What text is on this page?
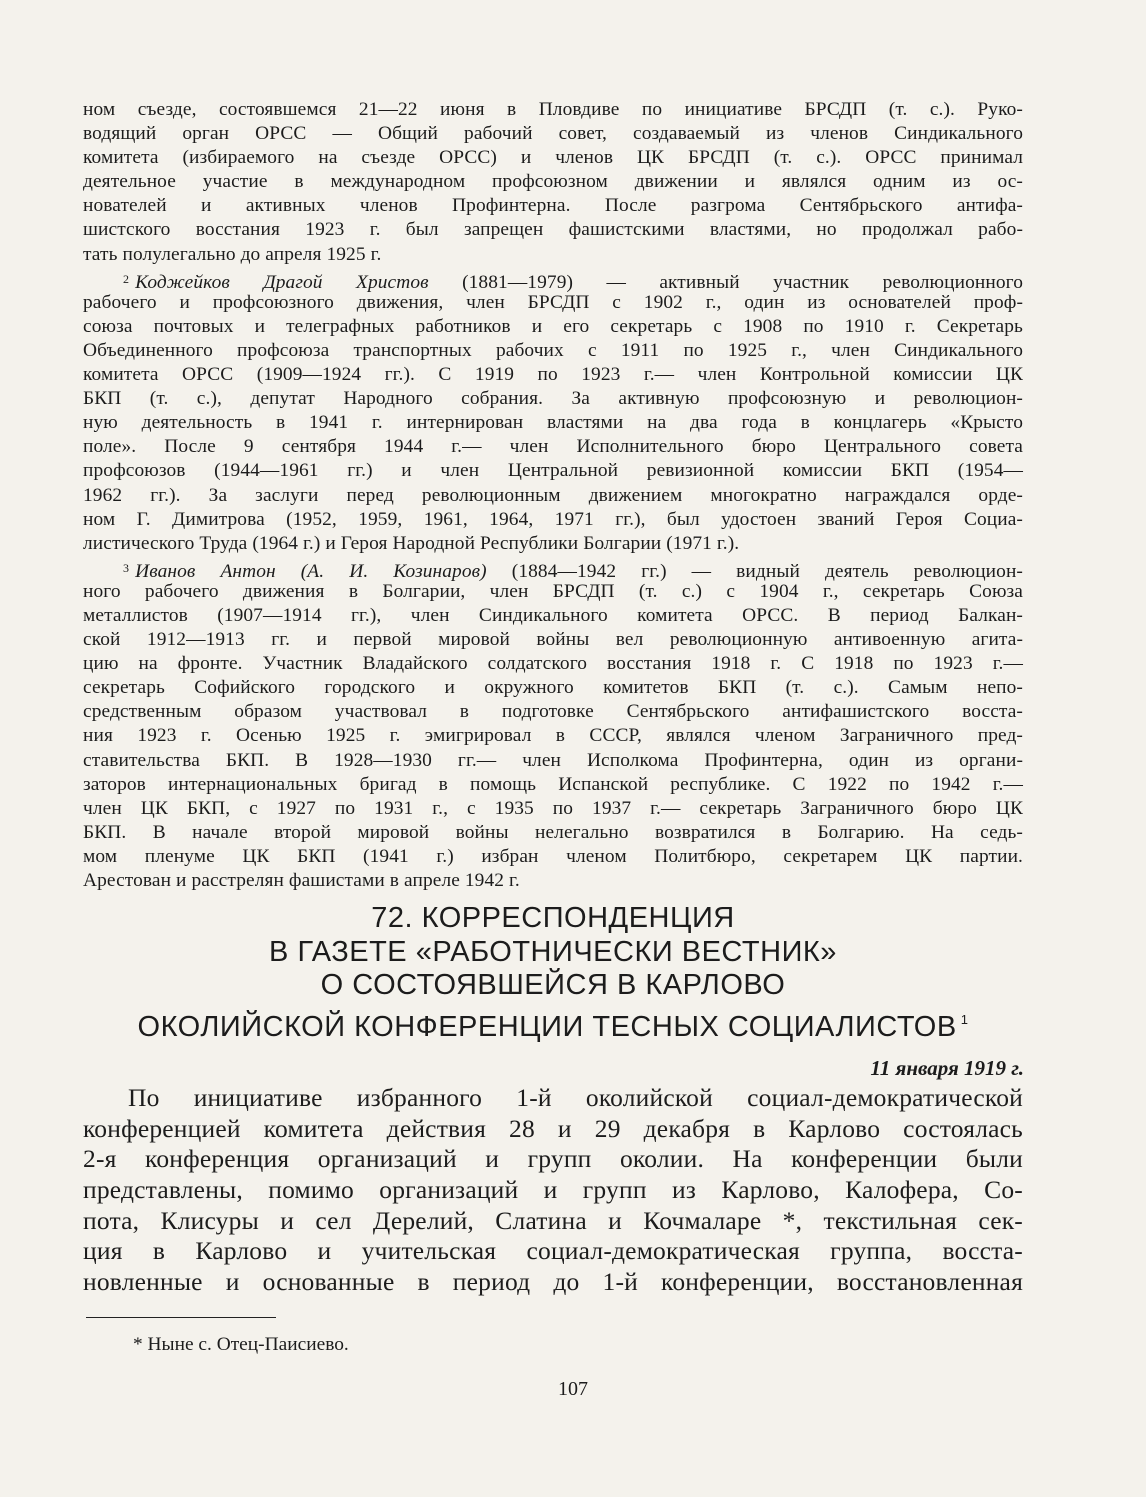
ном съезде, состоявшемся 21—22 июня в Пловдиве по инициативе БРСДП (т. с.). Руко-
водящий орган ОРСС — Общий рабочий совет, создаваемый из членов Синдикального
комитета (избираемого на съезде ОРСС) и членов ЦК БРСДП (т. с.). ОРСС принимал
деятельное участие в международном профсоюзном движении и являлся одним из ос-
нователей и активных членов Профинтерна. После разгрома Сентябрьского антифа-
шистского восстания 1923 г. был запрещен фашистскими властями, но продолжал рабо-
тать полулегально до апреля 1925 г.
$^2$ Коджейков Драгой Христов (1881—1979) — активный участник революционного
рабочего и профсоюзного движения, член БРСДП с 1902 г., один из основателей проф-
союза почтовых и телеграфных работников и его секретарь с 1908 по 1910 г. Секретарь
Объединенного профсоюза транспортных рабочих с 1911 по 1925 г., член Синдикального
комитета ОРСС (1909—1924 гг.). С 1919 по 1923 г.— член Контрольной комиссии ЦК
БКП (т. с.), депутат Народного собрания. За активную профсоюзную и революцион-
ную деятельность в 1941 г. интернирован властями на два года в концлагерь «Крысто
поле». После 9 сентября 1944 г.— член Исполнительного бюро Центрального совета
профсоюзов (1944—1961 гг.) и член Центральной ревизионной комиссии БКП (1954—
1962 гг.). За заслуги перед революционным движением многократно награждался орде-
ном Г. Димитрова (1952, 1959, 1961, 1964, 1971 гг.), был удостоен званий Героя Социа-
листического Труда (1964 г.) и Героя Народной Республики Болгарии (1971 г.).
$^3$ Иванов Антон (А. И. Козинаров) (1884—1942 гг.) — видный деятель революцион-
ного рабочего движения в Болгарии, член БРСДП (т. с.) с 1904 г., секретарь Союза
металлистов (1907—1914 гг.), член Синдикального комитета ОРСС. В период Балкан-
ской 1912—1913 гг. и первой мировой войны вел революционную антивоенную агита-
цию на фронте. Участник Владайского солдатского восстания 1918 г. С 1918 по 1923 г.—
секретарь Софийского городского и окружного комитетов БКП (т. с.). Самым непо-
средственным образом участвовал в подготовке Сентябрьского антифашистского восста-
ния 1923 г. Осенью 1925 г. эмигрировал в СССР, являлся членом Заграничного пред-
ставительства БКП. В 1928—1930 гг.— член Исполкома Профинтерна, один из органи-
заторов интернациональных бригад в помощь Испанской республике. С 1922 по 1942 г.—
член ЦК БКП, с 1927 по 1931 г., с 1935 по 1937 г.— секретарь Заграничного бюро ЦК
БКП. В начале второй мировой войны нелегально возвратился в Болгарию. На седь-
мом пленуме ЦК БКП (1941 г.) избран членом Политбюро, секретарем ЦК партии.
Арестован и расстрелян фашистами в апреле 1942 г.
72. КОРРЕСПОНДЕНЦИЯ
В ГАЗЕТЕ «РАБОТНИЧЕСКИ ВЕСТНИК»
О СОСТОЯВШЕЙСЯ В КАРЛОВО
ОКОЛИЙСКОЙ КОНФЕРЕНЦИИ ТЕСНЫХ СОЦИАЛИСТОВ $^1$
11 января 1919 г.
По инициативе избранного 1-й околийской социал-демократической
конференцией комитета действия 28 и 29 декабря в Карлово состоялась
2-я конференция организаций и групп околии. На конференции были
представлены, помимо организаций и групп из Карлово, Калофера, Со-
пота, Клисуры и сел Дерелий, Слатина и Кочмаларе *, текстильная сек-
ция в Карлово и учительская социал-демократическая группа, восста-
новленные и основанные в период до 1-й конференции, восстановленная
* Ныне с. Отец-Паисиево.
107
